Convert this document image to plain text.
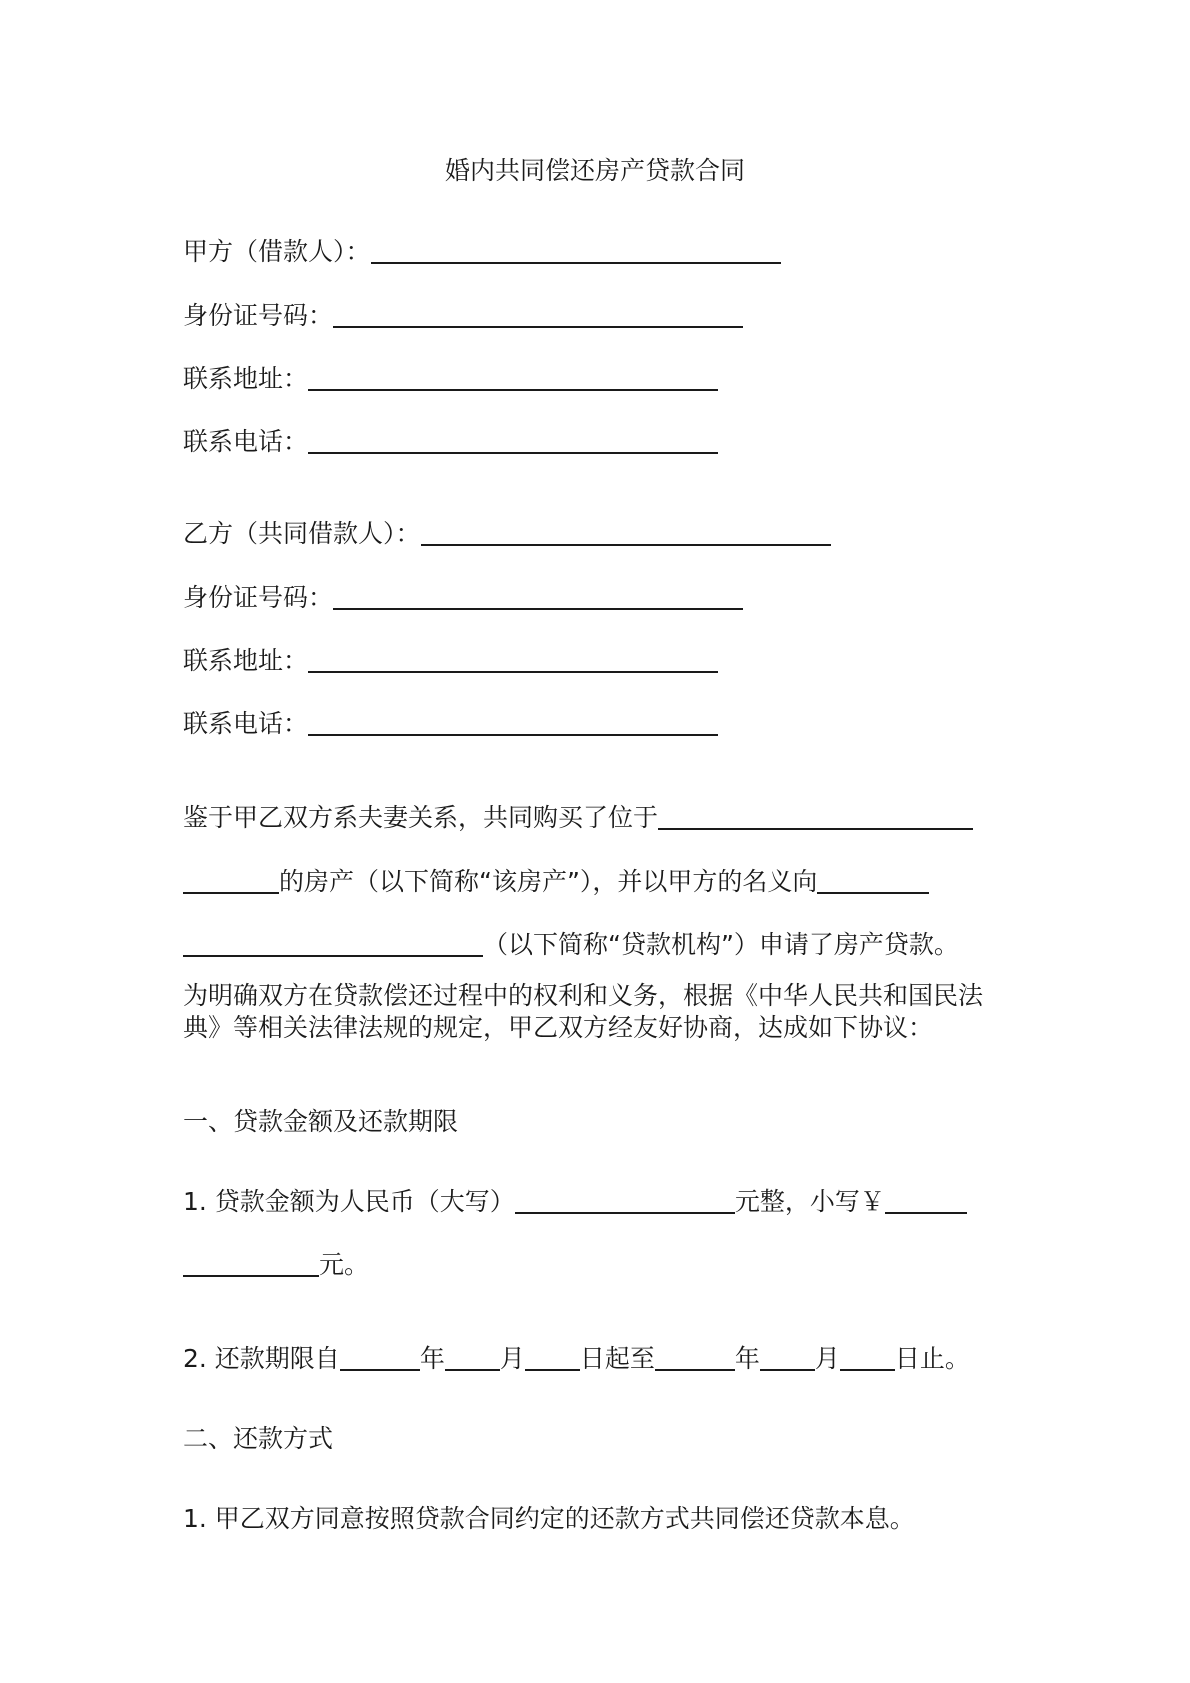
婚内共同偿还房产贷款合同
甲方（借款人）：
身份证号码：
联系地址：
联系电话：
乙方（共同借款人）：
身份证号码：
联系地址：
联系电话：
鉴于甲乙双方系夫妻关系，共同购买了位于
的房产（以下简称“该房产”），并以甲方的名义向
（以下简称“贷款机构”）申请了房产贷款。
为明确双方在贷款偿还过程中的权利和义务，根据《中华人民共和国民法典》等相关法律法规的规定，甲乙双方经友好协商，达成如下协议：
一、贷款金额及还款期限
1. 贷款金额为人民币（大写）	元整，小写￥
元。
2. 还款期限自	年 月 日起至	年 月 日止。
二、还款方式
1. 甲乙双方同意按照贷款合同约定的还款方式共同偿还贷款本息。
